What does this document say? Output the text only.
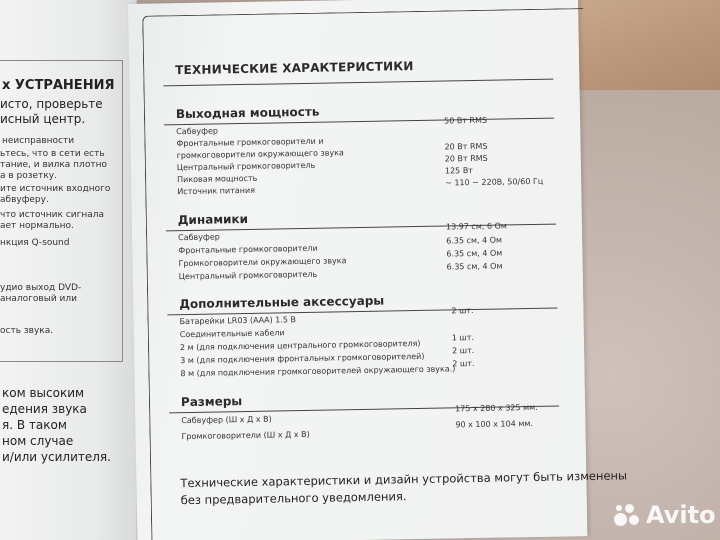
х УСТРАНЕНИЯ
исто, проверьте
исный центр.
неисправности
ьтесь, что в сети есть
тание, и вилка плотно
а в розетку.
ите источник входного
абвуферу.
что источник сигнала
ает нормально.
нкция Q-sound
удио выход DVD-
аналоговый или
ость звука.
ком высоким
едения звука
я. В таком
ном случае
и/или усилителя.
ТЕХНИЧЕСКИЕ ХАРАКТЕРИСТИКИ
Выходная мощность
Сабвуфер
50 Вт RMS
Фронтальные громкоговорители и
громкоговорители окружающего звука
20 Вт RMS
Центральный громкоговоритель
20 Вт RMS
Пиковая мощность
125 Вт
Источник питания
~ 110 ~ 220В, 50/60 Гц
Динамики
Сабвуфер
13.97 см, 6 Ом
Фронтальные громкоговорители
6.35 см, 4 Ом
Громкоговорители окружающего звука
6.35 см, 4 Ом
Центральный громкоговоритель
6.35 см, 4 Ом
Дополнительные аксессуары
Батарейки LR03 (ААА) 1.5 В
2 шт.
Соединительные кабели
2 м (для подключения центрального громкоговорителя)
1 шт.
3 м (для подключения фронтальных громкоговорителей)
2 шт.
8 м (для подключения громкоговорителей окружающего звука.)
2 шт.
Размеры
Сабвуфер (Ш х Д х В)
175 х 280 х 325 мм.
Громкоговорители (Ш х Д х В)
90 х 100 х 104 мм.
Технические характеристики и дизайн устройства могут быть изменены
без предварительного уведомления.
Avito
